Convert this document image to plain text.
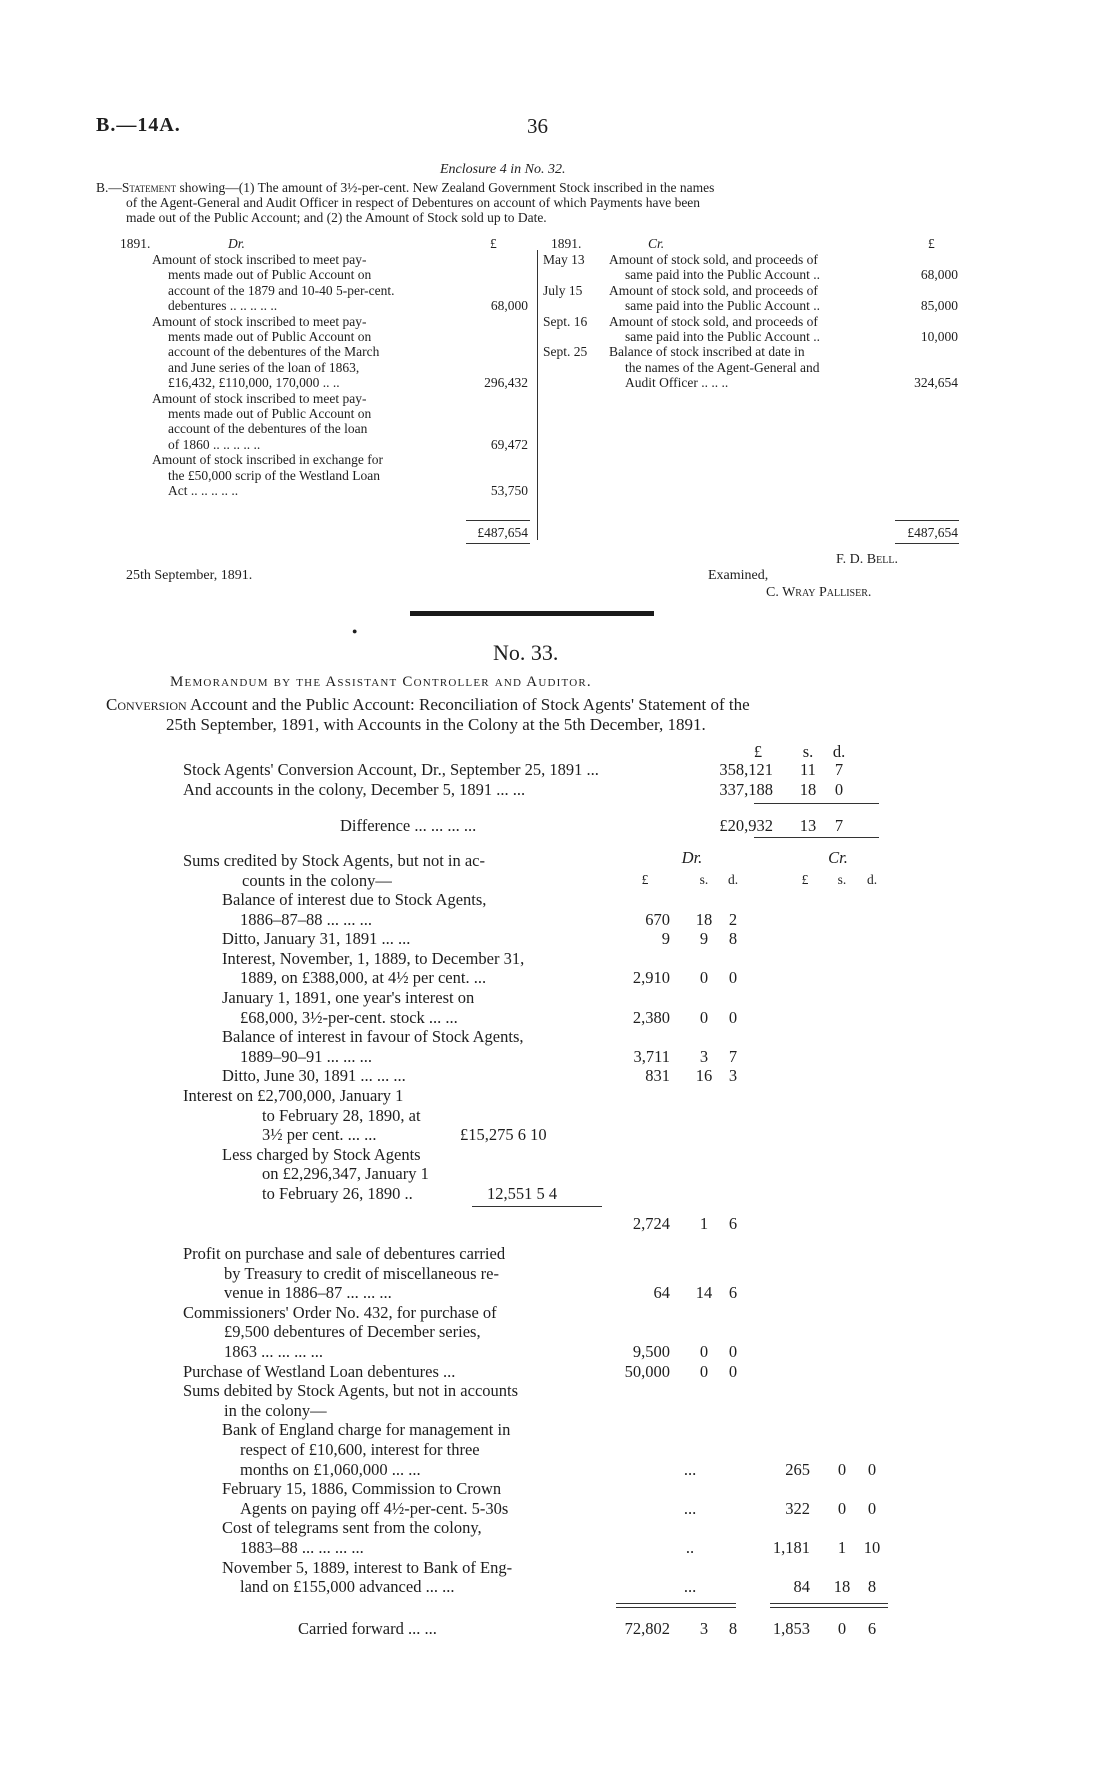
B.—14A.	36
Enclosure 4 in No. 32.
B.—Statement showing—(1) The amount of 3½-per-cent. New Zealand Government Stock inscribed in the names
of the Agent-General and Audit Officer in respect of Debentures on account of which Payments have been
made out of the Public Account; and (2) the Amount of Stock sold up to Date.
1891.	Dr.	£	1891.	Cr.	£
Amount of stock inscribed to meet pay-
ments made out of Public Account on
account of the 1879 and 10-40 5-per-cent.
debentures .. .. .. .. ..	68,000
Amount of stock inscribed to meet pay-
ments made out of Public Account on
account of the debentures of the March
and June series of the loan of 1863,
£16,432, £110,000, 170,000 .. ..	296,432
Amount of stock inscribed to meet pay-
ments made out of Public Account on
account of the debentures of the loan
of 1860 .. .. .. .. ..	69,472
Amount of stock inscribed in exchange for
the £50,000 scrip of the Westland Loan
Act .. .. .. .. ..	53,750
May 13 Amount of stock sold, and proceeds of
same paid into the Public Account ..	68,000
July 15 Amount of stock sold, and proceeds of
same paid into the Public Account ..	85,000
Sept. 16 Amount of stock sold, and proceeds of
same paid into the Public Account ..	10,000
Sept. 25 Balance of stock inscribed at date in
the names of the Agent-General and
Audit Officer .. .. ..	324,654
£487,654	£487,654
F. D. Bell.
25th September, 1891.	Examined,
C. Wray Palliser.
●
No. 33.
Memorandum by the Assistant Controller and Auditor.
Conversion Account and the Public Account: Reconciliation of Stock Agents' Statement of the
25th September, 1891, with Accounts in the Colony at the 5th December, 1891.
£	s.	d.
Stock Agents' Conversion Account, Dr., September 25, 1891 ...	358,121	11	7
And accounts in the colony, December 5, 1891 ... ...	337,188	18	0
Difference ... ... ... ...	£20,932	13	7
Dr.	Cr.
£	s.	d.	£	s.	d.
Sums credited by Stock Agents, but not in ac-
counts in the colony—
Balance of interest due to Stock Agents,
1886–87–88 ... ... ...	670	18	2
Ditto, January 31, 1891 ... ...	9	9	8
Interest, November, 1, 1889, to December 31,
1889, on £388,000, at 4½ per cent. ...	2,910	0	0
January 1, 1891, one year's interest on
£68,000, 3½-per-cent. stock ... ...	2,380	0	0
Balance of interest in favour of Stock Agents,
1889–90–91 ... ... ...	3,711	3	7
Ditto, June 30, 1891 ... ... ...	831	16	3
Interest on £2,700,000, January 1
to February 28, 1890, at
3½ per cent. ... ...	£15,275 6 10
Less charged by Stock Agents
on £2,296,347, January 1
to February 26, 1890 ..	12,551 5 4
2,724	1	6
Profit on purchase and sale of debentures carried
by Treasury to credit of miscellaneous re-
venue in 1886–87 ... ... ...	64	14	6
Commissioners' Order No. 432, for purchase of
£9,500 debentures of December series,
1863 ... ... ... ...	9,500	0	0
Purchase of Westland Loan debentures ...	50,000	0	0
Sums debited by Stock Agents, but not in accounts
in the colony—
Bank of England charge for management in
respect of £10,600, interest for three
months on £1,060,000 ... ...	...	265	0	0
February 15, 1886, Commission to Crown
Agents on paying off 4½-per-cent. 5-30s	...	322	0	0
Cost of telegrams sent from the colony,
1883–88 ... ... ... ...	..	1,181	1	10
November 5, 1889, interest to Bank of Eng-
land on £155,000 advanced ... ...	...	84	18	8
Carried forward ... ...	72,802	3	8	1,853	0	6
